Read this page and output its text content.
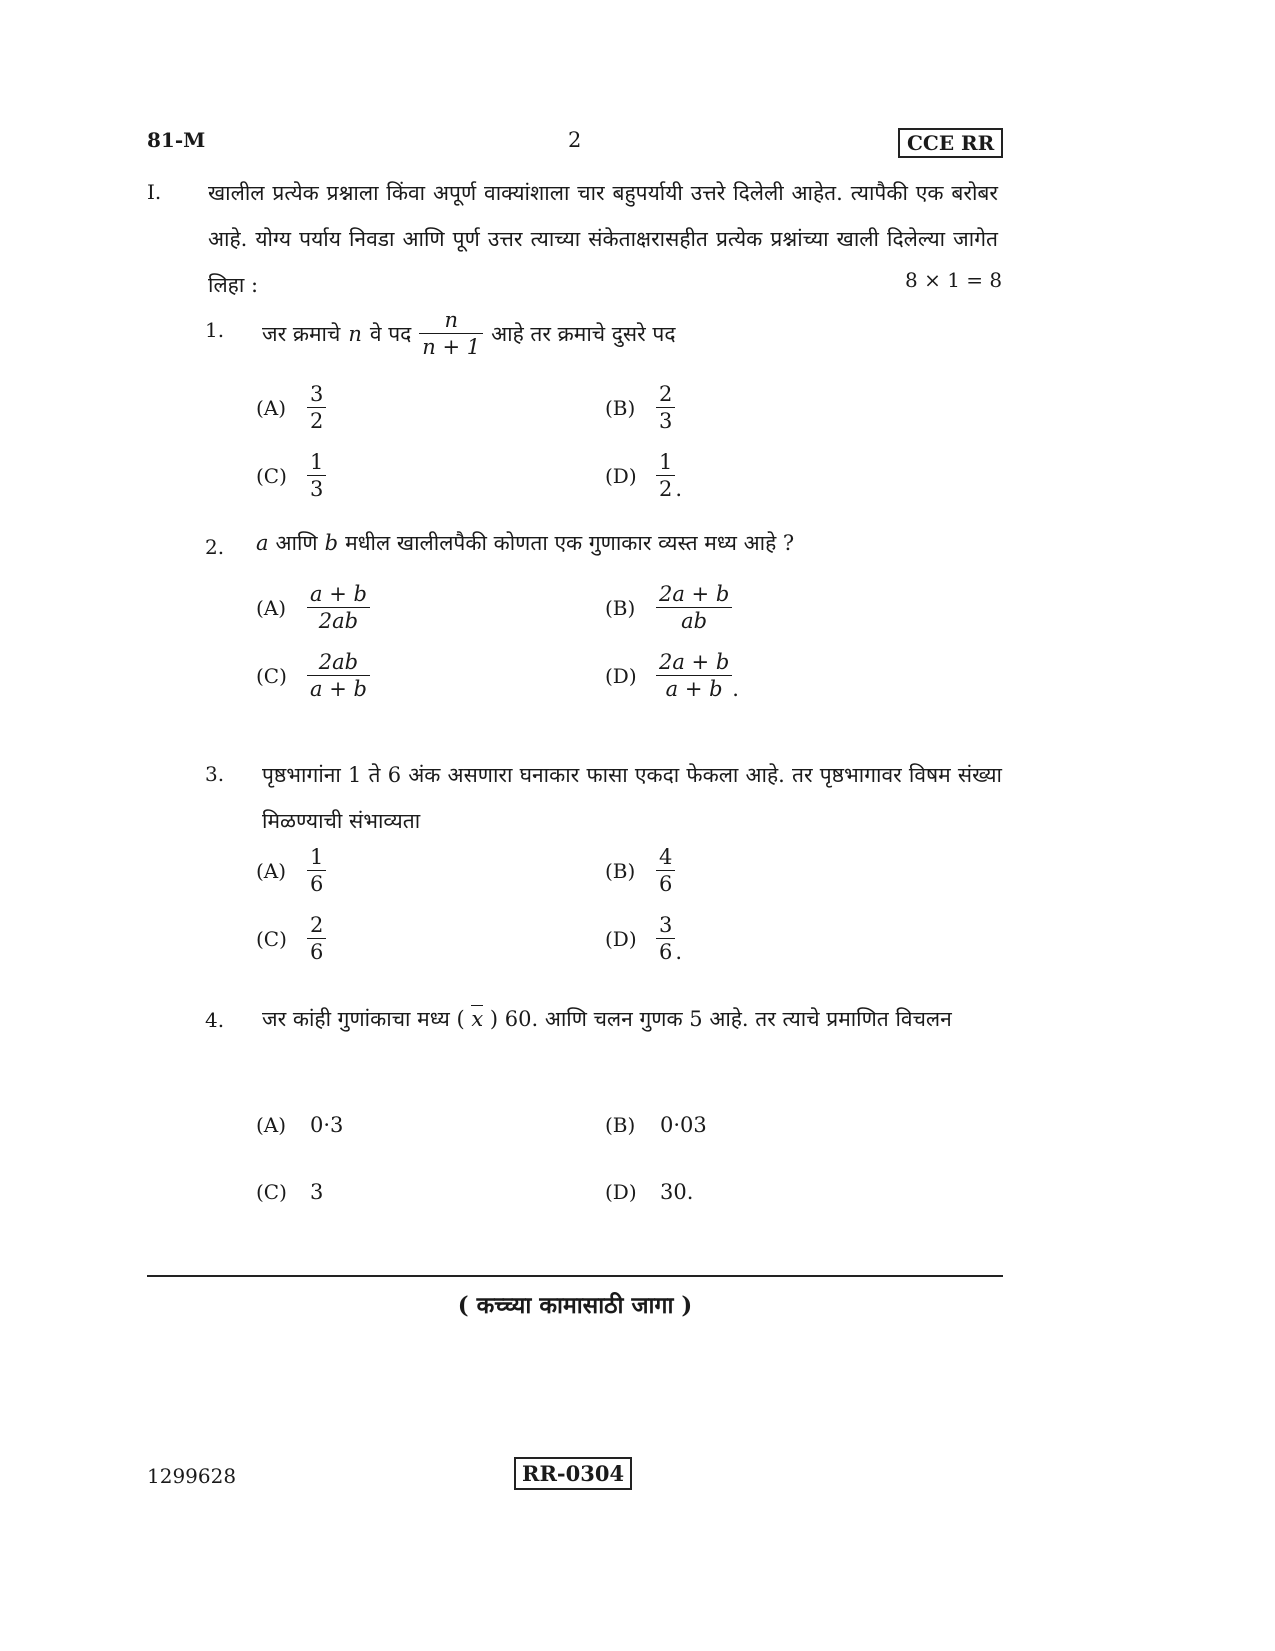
81-M	2	CCE RR
I. खालील प्रत्येक प्रश्नाला किंवा अपूर्ण वाक्यांशाला चार बहुपर्यायी उत्तरे दिलेली आहेत. त्यापैकी एक बरोबर आहे. योग्य पर्याय निवडा आणि पूर्ण उत्तर त्याच्या संकेताक्षरासहीत प्रत्येक प्रश्नांच्या खाली दिलेल्या जागेत लिहा :	8 × 1 = 8
1. जर क्रमाचे n वे पद $\frac{n}{n + 1}$ आहे तर क्रमाचे दुसरे पद
$(A) \frac{3}{2}$	$(B) \frac{2}{3}$
$(C) \frac{1}{3}$	$(D) \frac{1}{2}$ .
2. a आणि b मधील खालीलपैकी कोणता एक गुणाकार व्यस्त मध्य आहे ?
$(A) \frac{a + b}{2ab}$	$(B) \frac{2a + b}{ab}$
$(C) \frac{2ab}{a + b}$	$(D) \frac{2a + b}{a + b}$ .
3. पृष्ठभागांना 1 ते 6 अंक असणारा घनाकार फासा एकदा फेकला आहे. तर पृष्ठभागावर विषम संख्या मिळण्याची संभाव्यता
$(A) \frac{1}{6}$	$(B) \frac{4}{6}$
$(C) \frac{2}{6}$	$(D) \frac{3}{6}$ .
4. जर कांही गुणांकाचा मध्य ( x ) 60. आणि चलन गुणक 5 आहे. तर त्याचे प्रमाणित विचलन
(A) 0·3	(B) 0·03
(C) 3	(D) 30.
( कच्च्या कामासाठी जागा )
1299628	RR-0304
